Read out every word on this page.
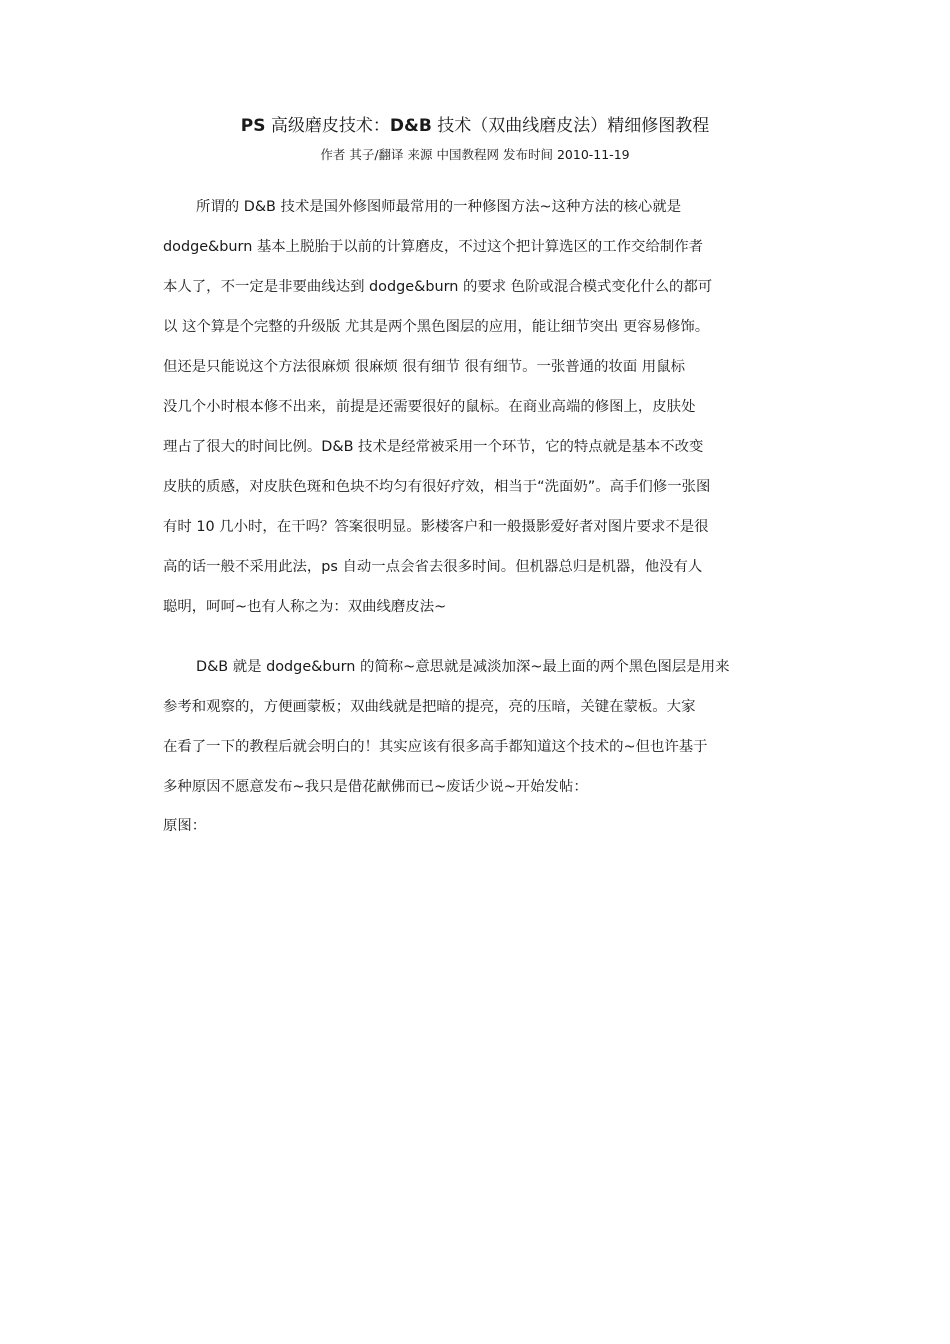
PS 高级磨皮技术：D&B 技术（双曲线磨皮法）精细修图教程
作者 其子/翻译 来源 中国教程网 发布时间 2010-11-19
所谓的 D&B 技术是国外修图师最常用的一种修图方法~这种方法的核心就是
dodge&burn 基本上脱胎于以前的计算磨皮，不过这个把计算选区的工作交给制作者
本人了，不一定是非要曲线达到 dodge&burn 的要求 色阶或混合模式变化什么的都可
以 这个算是个完整的升级版 尤其是两个黑色图层的应用，能让细节突出 更容易修饰。
但还是只能说这个方法很麻烦 很麻烦 很有细节 很有细节。一张普通的妆面 用鼠标
没几个小时根本修不出来，前提是还需要很好的鼠标。在商业高端的修图上，皮肤处
理占了很大的时间比例。D&B 技术是经常被采用一个环节，它的特点就是基本不改变
皮肤的质感，对皮肤色斑和色块不均匀有很好疗效，相当于“洗面奶”。高手们修一张图
有时 10 几小时，在干吗？答案很明显。影楼客户和一般摄影爱好者对图片要求不是很
高的话一般不采用此法，ps 自动一点会省去很多时间。但机器总归是机器，他没有人
聪明，呵呵~也有人称之为：双曲线磨皮法~
D&B 就是 dodge&burn 的简称~意思就是减淡加深~最上面的两个黑色图层是用来
参考和观察的，方便画蒙板；双曲线就是把暗的提亮，亮的压暗，关键在蒙板。大家
在看了一下的教程后就会明白的！其实应该有很多高手都知道这个技术的~但也许基于
多种原因不愿意发布~我只是借花献佛而已~废话少说~开始发帖：
原图：
